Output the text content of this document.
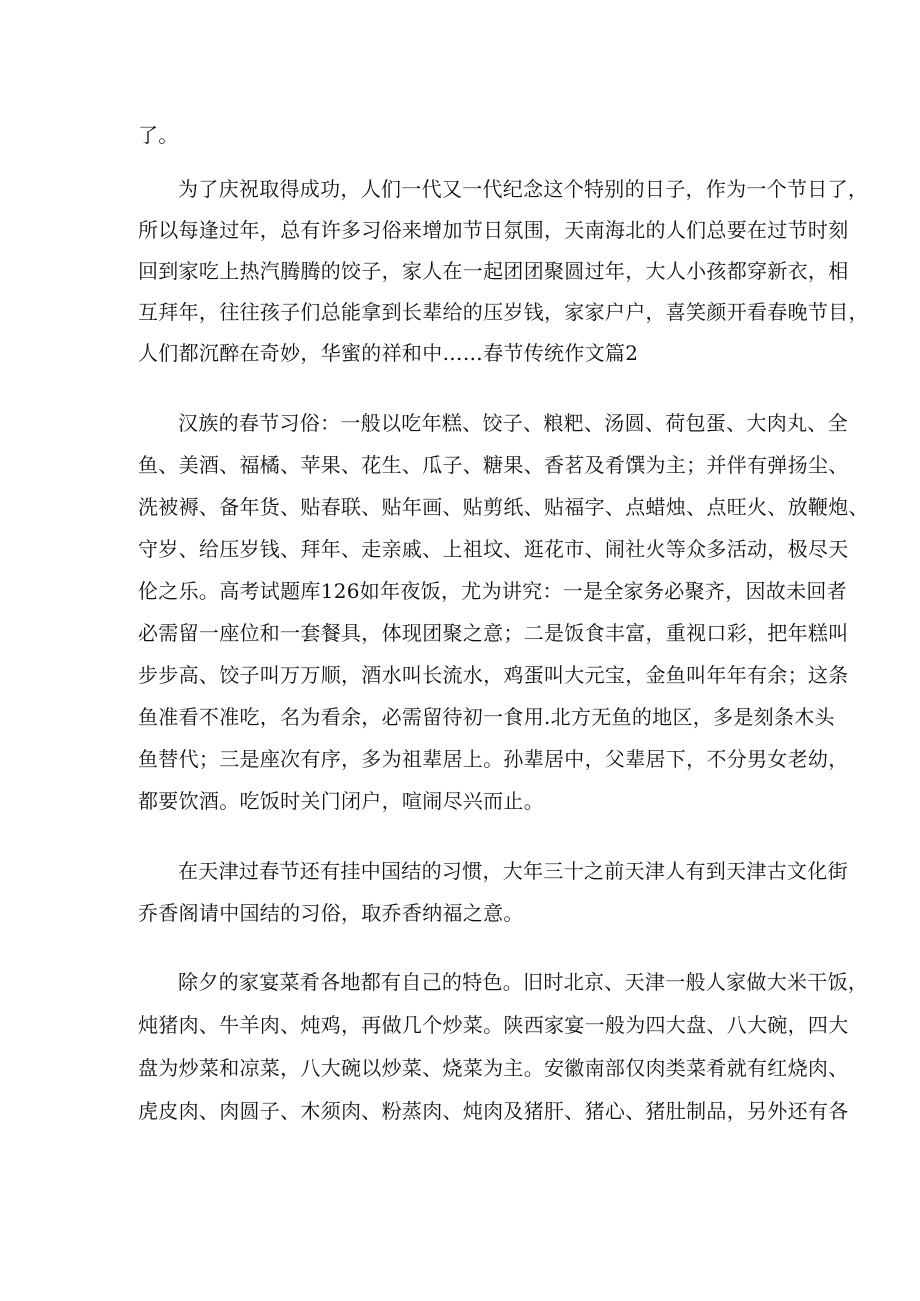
了。
为了庆祝取得成功，人们一代又一代纪念这个特别的日子，作为一个节日了，
所以每逢过年，总有许多习俗来增加节日氛围，天南海北的人们总要在过节时刻
回到家吃上热汽腾腾的饺子，家人在一起团团聚圆过年，大人小孩都穿新衣，相
互拜年，往往孩子们总能拿到长辈给的压岁钱，家家户户，喜笑颜开看春晚节目，
人们都沉醉在奇妙，华蜜的祥和中……春节传统作文篇2
汉族的春节习俗：一般以吃年糕、饺子、粮粑、汤圆、荷包蛋、大肉丸、全
鱼、美酒、福橘、苹果、花生、瓜子、糖果、香茗及肴馔为主；并伴有弹扬尘、
洗被褥、备年货、贴春联、贴年画、贴剪纸、贴福字、点蜡烛、点旺火、放鞭炮、
守岁、给压岁钱、拜年、走亲戚、上祖坟、逛花市、闹社火等众多活动，极尽天
伦之乐。高考试题库126如年夜饭，尤为讲究：一是全家务必聚齐，因故未回者
必需留一座位和一套餐具，体现团聚之意；二是饭食丰富，重视口彩，把年糕叫
步步高、饺子叫万万顺，酒水叫长流水，鸡蛋叫大元宝，金鱼叫年年有余；这条
鱼准看不准吃，名为看余，必需留待初一食用.北方无鱼的地区，多是刻条木头
鱼替代；三是座次有序，多为祖辈居上。孙辈居中，父辈居下，不分男女老幼，
都要饮酒。吃饭时关门闭户，喧闹尽兴而止。
在天津过春节还有挂中国结的习惯，大年三十之前天津人有到天津古文化街
乔香阁请中国结的习俗，取乔香纳福之意。
除夕的家宴菜肴各地都有自己的特色。旧时北京、天津一般人家做大米干饭，
炖猪肉、牛羊肉、炖鸡，再做几个炒菜。陕西家宴一般为四大盘、八大碗，四大
盘为炒菜和凉菜，八大碗以炒菜、烧菜为主。安徽南部仅肉类菜肴就有红烧肉、
虎皮肉、肉圆子、木须肉、粉蒸肉、炖肉及猪肝、猪心、猪肚制品，另外还有各
